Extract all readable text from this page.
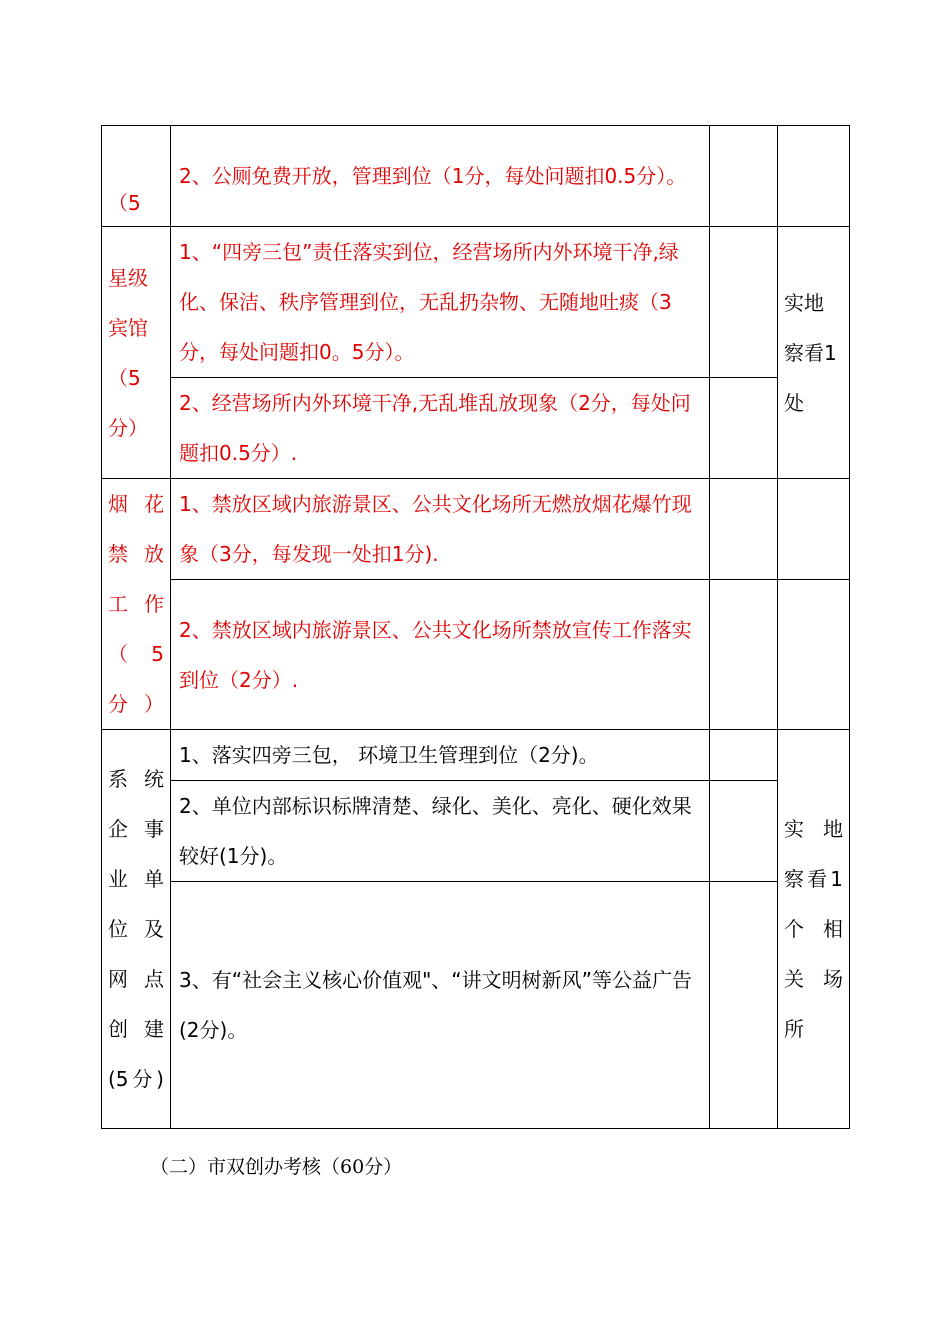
（5	2、公厕免费开放，管理到位（1分，每处问题扣0.5分）。		
星级宾馆（5分）	1、“四旁三包”责任落实到位，经营场所内外环境干净,绿化、保洁、秩序管理到位，无乱扔杂物、无随地吐痰（3分，每处问题扣0。5分）。		实地察看1处
	2、经营场所内外环境干净,无乱堆乱放现象（2分，每处问题扣0.5分）.		
烟花禁放工作（5分）	1、禁放区域内旅游景区、公共文化场所无燃放烟花爆竹现象（3分，每发现一处扣1分).		
	2、禁放区域内旅游景区、公共文化场所禁放宣传工作落实到位（2分）.		
系统企事业单位及网点创建(5分)	1、落实四旁三包， 环境卫生管理到位（2分)。		实地察看1个相关场所
	2、单位内部标识标牌清楚、绿化、美化、亮化、硬化效果较好(1分)。		
	3、有“社会主义核心价值观"、“讲文明树新风”等公益广告 (2分)。		
（二）市双创办考核（60分）
